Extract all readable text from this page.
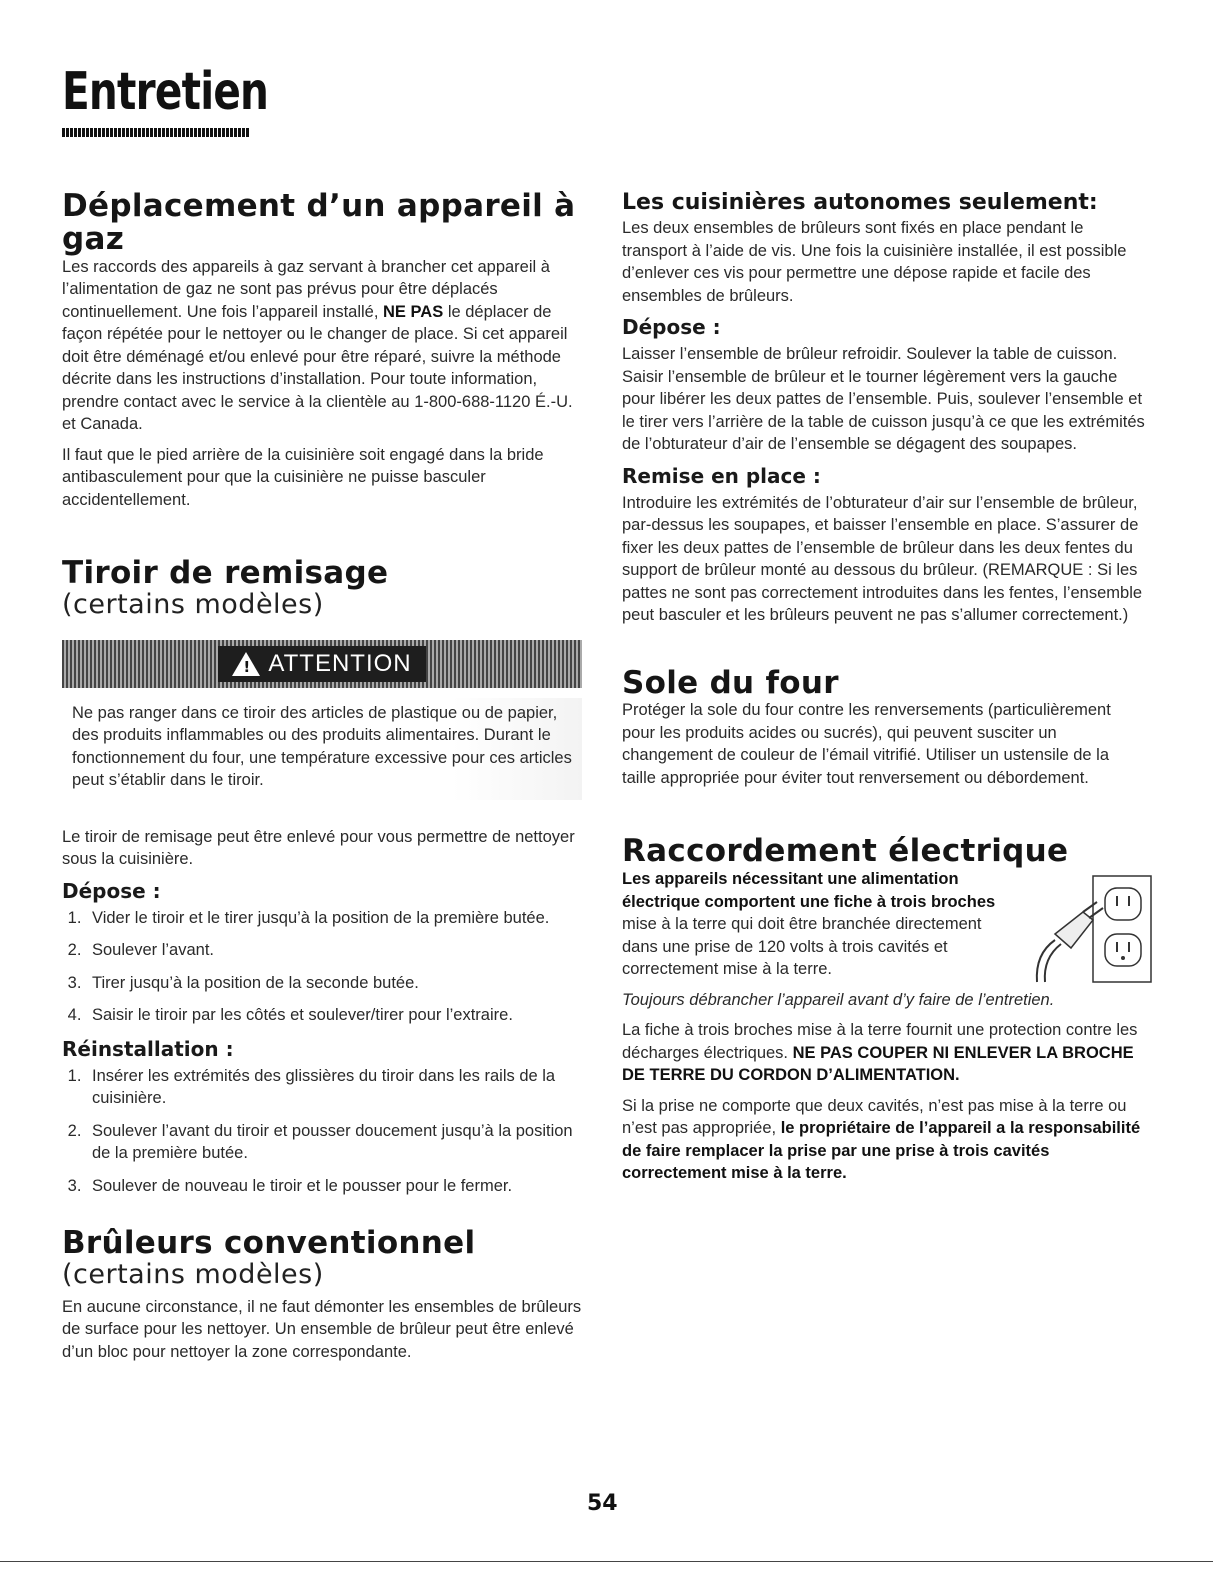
Entretien
Déplacement d’un appareil à gaz

Les raccords des appareils à gaz servant à brancher cet appareil à l’alimentation de gaz ne sont pas prévus pour être déplacés continuellement. Une fois l’appareil installé, NE PAS le déplacer de façon répétée pour le nettoyer ou le changer de place. Si cet appareil doit être déménagé et/ou enlevé pour être réparé, suivre la méthode décrite dans les instructions d’installation. Pour toute information, prendre contact avec le service à la clientèle au 1-800-688-1120 É.-U. et Canada.

Il faut que le pied arrière de la cuisinière soit engagé dans la bride antibasculement pour que la cuisinière ne puisse basculer accidentellement.

Tiroir de remisage
(certains modèles)
! ATTENTION
Ne pas ranger dans ce tiroir des articles de plastique ou de papier, des produits inflammables ou des produits alimentaires. Durant le fonctionnement du four, une température excessive pour ces articles peut s’établir dans le tiroir.

Le tiroir de remisage peut être enlevé pour vous permettre de nettoyer sous la cuisinière.

Dépose :
1. Vider le tiroir et le tirer jusqu’à la position de la première butée.
2. Soulever l’avant.
3. Tirer jusqu’à la position de la seconde butée.
4. Saisir le tiroir par les côtés et soulever/tirer pour l’extraire.
Réinstallation :
1. Insérer les extrémités des glissières du tiroir dans les rails de la cuisinière.
2. Soulever l’avant du tiroir et pousser doucement jusqu’à la position de la première butée.
3. Soulever de nouveau le tiroir et le pousser pour le fermer.
Brûleurs conventionnel
(certains modèles)

En aucune circonstance, il ne faut démonter les ensembles de brûleurs de surface pour les nettoyer. Un ensemble de brûleur peut être enlevé d’un bloc pour nettoyer la zone correspondante.

Les cuisinières autonomes seulement:

Les deux ensembles de brûleurs sont fixés en place pendant le transport à l’aide de vis. Une fois la cuisinière installée, il est possible d’enlever ces vis pour permettre une dépose rapide et facile des ensembles de brûleurs.

Dépose :

Laisser l’ensemble de brûleur refroidir. Soulever la table de cuisson. Saisir l’ensemble de brûleur et le tourner légèrement vers la gauche pour libérer les deux pattes de l’ensemble. Puis, soulever l’ensemble et le tirer vers l’arrière de la table de cuisson jusqu’à ce que les extrémités de l’obturateur d’air de l’ensemble se dégagent des soupapes.

Remise en place :

Introduire les extrémités de l’obturateur d’air sur l’ensemble de brûleur, par-dessus les soupapes, et baisser l’ensemble en place. S’assurer de fixer les deux pattes de l’ensemble de brûleur dans les deux fentes du support de brûleur monté au dessous du brûleur. (REMARQUE : Si les pattes ne sont pas correctement introduites dans les fentes, l’ensemble peut basculer et les brûleurs peuvent ne pas s’allumer correctement.)

Sole du four

Protéger la sole du four contre les renversements (particulièrement pour les produits acides ou sucrés), qui peuvent susciter un changement de couleur de l’émail vitrifié. Utiliser un ustensile de la taille appropriée pour éviter tout renversement ou débordement.

Raccordement électrique

Les appareils nécessitant une alimentation électrique comportent une fiche à trois broches mise à la terre qui doit être branchée directement dans une prise de 120 volts à trois cavités et correctement mise à la terre.

Toujours débrancher l’appareil avant d’y faire de l’entretien.

La fiche à trois broches mise à la terre fournit une protection contre les décharges électriques. NE PAS COUPER NI ENLEVER LA BROCHE DE TERRE DU CORDON D’ALIMENTATION.

Si la prise ne comporte que deux cavités, n’est pas mise à la terre ou n’est pas appropriée, le propriétaire de l’appareil a la responsabilité de faire remplacer la prise par une prise à trois cavités correctement mise à la terre.

54
